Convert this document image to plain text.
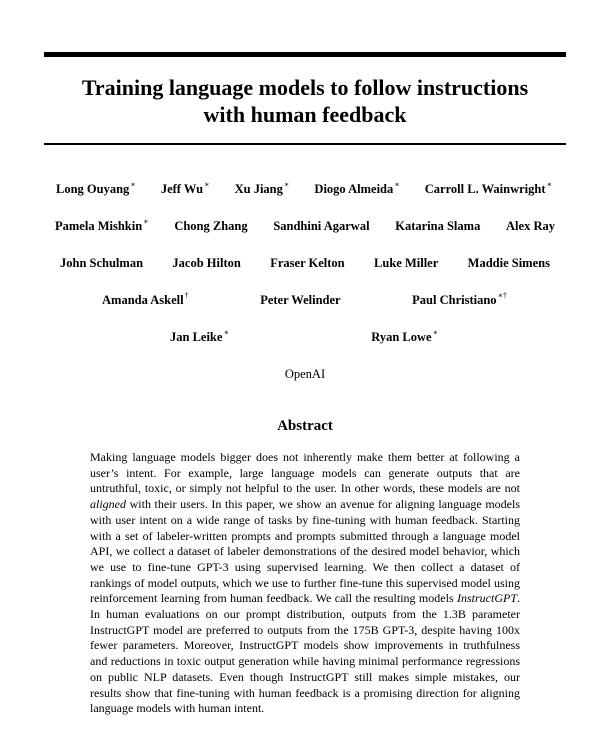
Training language models to follow instructions
with human feedback
Long Ouyang∗ Jeff Wu∗ Xu Jiang∗ Diogo Almeida∗ Carroll L. Wainwright∗
Pamela Mishkin∗ Chong Zhang Sandhini Agarwal Katarina Slama Alex Ray
John Schulman Jacob Hilton Fraser Kelton Luke Miller Maddie Simens
Amanda Askell†	Peter Welinder	Paul Christiano∗†
Jan Leike∗	Ryan Lowe∗
OpenAI
Abstract

Making language models bigger does not inherently make them better at following a user’s intent. For example, large language models can generate outputs that are untruthful, toxic, or simply not helpful to the user. In other words, these models are not aligned with their users. In this paper, we show an avenue for aligning language models with user intent on a wide range of tasks by fine-tuning with human feedback. Starting with a set of labeler-written prompts and prompts submitted through a language model API, we collect a dataset of labeler demonstrations of the desired model behavior, which we use to fine-tune GPT-3 using supervised learning. We then collect a dataset of rankings of model outputs, which we use to further fine-tune this supervised model using reinforcement learning from human feedback. We call the resulting models InstructGPT. In human evaluations on our prompt distribution, outputs from the 1.3B parameter InstructGPT model are preferred to outputs from the 175B GPT-3, despite having 100x fewer parameters. Moreover, InstructGPT models show improvements in truthfulness and reductions in toxic output generation while having minimal performance regressions on public NLP datasets. Even though InstructGPT still makes simple mistakes, our results show that fine-tuning with human feedback is a promising direction for aligning language models with human intent.
